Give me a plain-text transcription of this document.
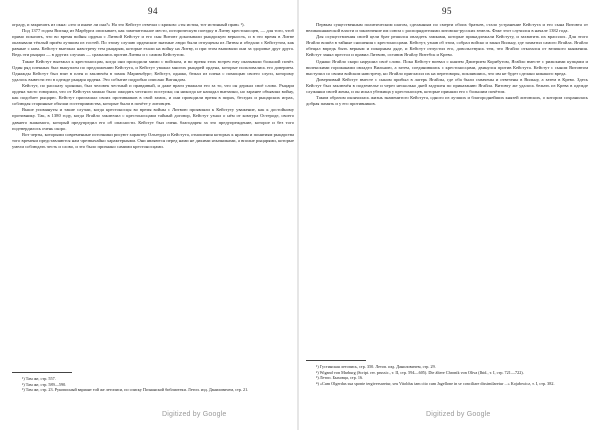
94

ограду, и закричать из окна: «это и иначе ли она?» На это Кейстут отвечал с криком: «ты истин, тот истинный прав» ¹).

Под 1377 годом Виганд из Марбурга описывает, как замечательное место, историческую поездку в Литву крестоносцев, — для того, чтоб прямо показать, что во время войны ордена с Литвой Кейстут и его сын Витовт доказывали рыцарскую верность, и в это время в Литве оказывали тёплый приём лучшим из гостей. По этому случаю орденские знатные люди были отпущены из Литвы и обедали с Кейстутом, как равные с ним. Кейстут выезжал навстречу тем рыцарям, которые ехали на войну на Литву, и при этом выпивали они за здоровье друг друга. Ведь эти рыцари — в других случаях — сражались против Литвы и с самим Кейстутом.

Также Кейстут выезжал к крестоносцам, когда они проходили мимо с войском, и во время этих встреч ему оказывали большой почёт. Один ряд пленных был выкуплен по предложению Кейстута, и Кейстут уважал многих рыцарей ордена, которые пользовались его доверием. Однажды Кейстут был взят в плен и заключён в замок Мариенбург; Кейстут, однако, бежал из плена с помощью своего слуги, которому удалось вывести его в одежде рыцаря ордена. Это событие подробно описано Вигандом.

Кейстут, по рассказу хроники, был человек честный и правдивый, и даже враги уважали его за то, что он держал своё слово. Рыцари ордена часто говорили, что от Кейстута можно было ожидать честного поступка; он никогда не нападал внезапно, но заранее объявлял войну, как подобает рыцарю. Кейстут приглашал своих противников в свой замок, и они проводили время в пирах, беседах и рыцарских играх, соблюдая старинные обычаи гостеприимства, которые были в почёте у литовцев.

Выше упомянуты и такие случаи, когда крестоносцы во время войны с Литвою проявляли к Кейстуту уважение, как к достойному противнику. Так, в 1380 году, когда Ягайло заключил с крестоносцами тайный договор, Кейстут узнал о нём от комтура Остероде, своего давнего знакомого, который предупредил его об опасности. Кейстут был очень благодарен за это предупреждение, которое и без того подтвердилось очень скоро.

Вот черты, которыми современные источники рисуют характер Ольгерда и Кейстута, отношения которых к нравам и понятиям рыцарства того времени представляются нам чрезвычайно характерными. Они являются перед нами не дикими язычниками, а вполне рыцарями, которые умели соблюдать честь и слово, и это было признано самими крестоносцами.

¹) Там же, стр. 557.
²) Там же, стр. 589—590.
³) Там же, стр. 23. Рукописный вариант той же летописи, по списку Познанской библиотеки. Летоп. изд. Даниловичем, стр. 21.
Digitized by Google
95

Первым существенным политическим шагом, сделанным по смерти обоих братьев, стало устранение Кейстута и его сына Витовта от великокняжеской власти и заключение им союза с распорядителями литовско-русских земель. Факт этот случился в начале 1382 года.

Для осуществления своей цели брат решился овладеть замками, которые принадлежали Кейстуту, и захватить их врасплох. Для этого Ягайло вошёл в тайные сношения с крестоносцами. Кейстут, узнав об этом, собрал войско и занял Вильну, где захватил самого Ягайла. Ягайло обещал впредь быть верным и покорным дяде, и Кейстут отпустил его, довольствуясь тем, что Ягайло отказался от великого княжения. Кейстут занял престол и правил Литвою, оставив Ягайлу Витебск и Крево.

Однако Ягайло скоро нарушил своё слово. Пока Кейстут воевал с князем Дмитрием Корибутом, Ягайло вместе с рижскими купцами и виленскими горожанами овладел Вильною, а затем, соединившись с крестоносцами, двинулся против Кейстута. Кейстут с сыном Витовтом выступил со своим войском навстречу, но Ягайло пригласил их на переговоры, поклявшись, что им не будет сделано никакого вреда.

Доверчивый Кейстут вместе с сыном прибыл в лагерь Ягайлы, где оба были схвачены и отвезены в Вильну, а затем в Крево. Здесь Кейстут был заключён в подземелье и через несколько дней задушен по приказанию Ягайла. Витовту же удалось бежать из Крева в одежде служанки своей жены, и он искал убежища у крестоносцев, которые приняли его с большим почётом.

Таким образом окончилась жизнь знаменитого Кейстута, одного из лучших и благороднейших князей литовских, о котором сохранилась добрая память и у его противников.

¹) Густинская летопись, стр. 350. Летоп. изд. Даниловичем, стр. 29.
²) Wigand von Marburg (Script. rer. prussic., т. II, стр. 594—605). Die ältere Chronik von Oliva (Ibid., т. I, стр. 721—722).
³) Летоп. Быховца, стр. 16.
⁴) «Cum Olgerdus sua sponte tergiversaretur, seu Vitoldus tam cito cum Jagellone in se conciliare dissimilaretur ...» Kojałowicz, т. I, стр. 382.
Digitized by Google
